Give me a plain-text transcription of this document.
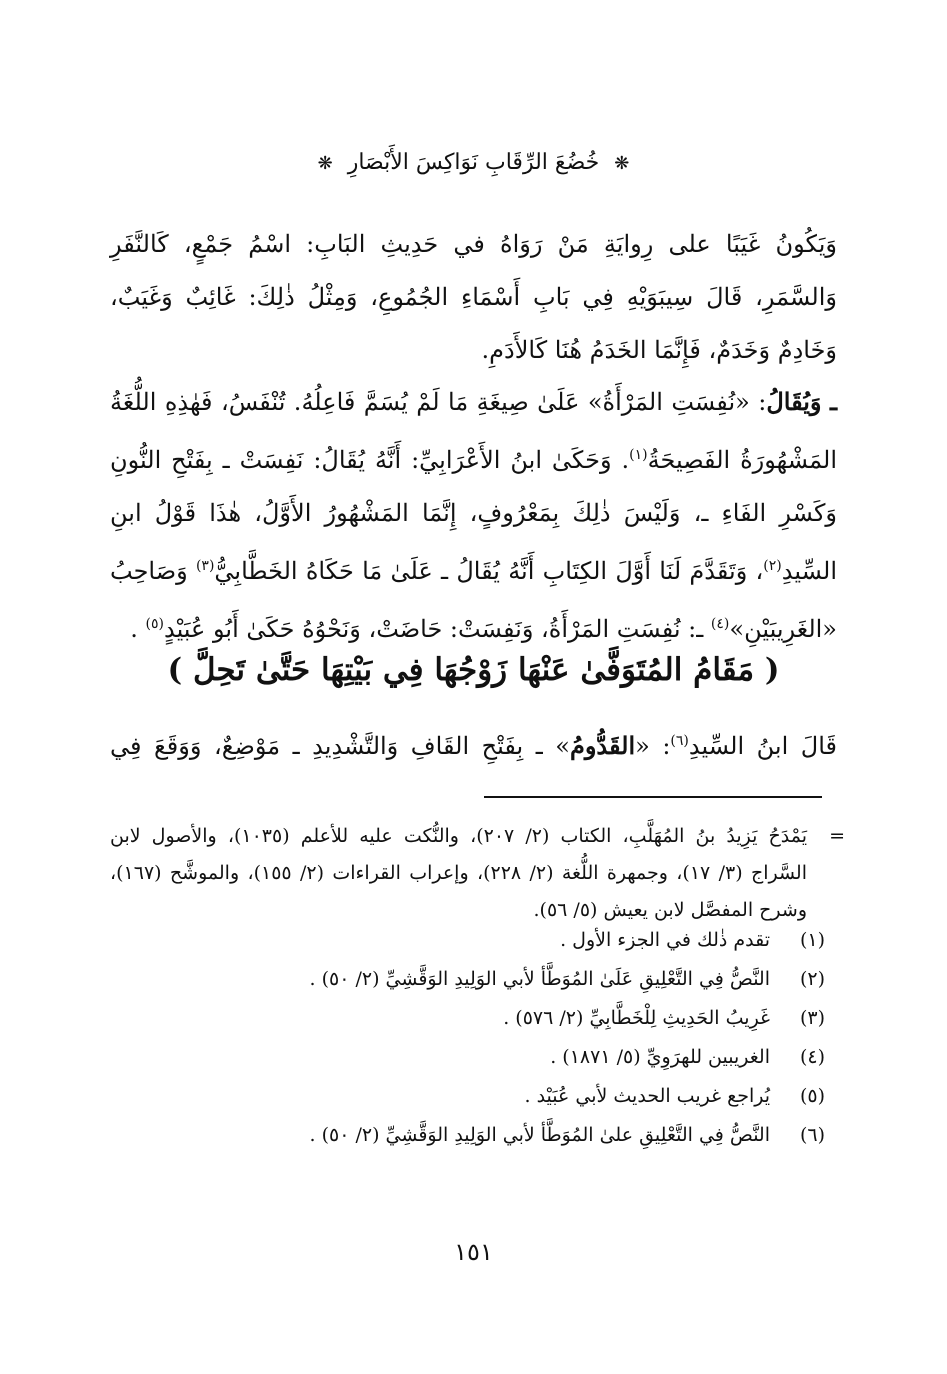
❋ خُضُعَ الرِّقَابِ نَوَاكِسَ الأَبْصَارِ ❋
وَيَكُونُ غَيَبًا على رِوايَةِ مَنْ رَوَاهُ في حَدِيثِ البَابِ: اسْمُ جَمْعٍ، كَالنَّفَرِ وَالسَّمَرِ، قَالَ سِيبَوَيْهِ فِي بَابِ أَسْمَاءِ الجُمُوعِ، وَمِثْلُ ذٰلِكَ: غَائِبٌ وَغَيَبٌ، وَخَادِمٌ وَخَدَمٌ، فَإِنَّمَا الخَدَمُ هُنَا كَالأَدَمِ.
ـ وَيُقَالُ: «نُفِسَتِ المَرْأَةُ» عَلَىٰ صِيغَةِ مَا لَمْ يُسَمَّ فَاعِلُهُ. تُنْفَسُ، فَهٰذِهِ اللُّغَةُ المَشْهُورَةُ الفَصِيحَةُ$^{(١)}$. وَحَكَىٰ ابنُ الأَعْرَابِيِّ: أَنَّهُ يُقَالُ: نَفِسَتْ ـ بِفَتْحِ النُّونِ وَكَسْرِ الفَاءِ ـ، وَلَيْسَ ذٰلِكَ بِمَعْرُوفٍ، إِنَّمَا المَشْهُورُ الأَوَّلُ، هٰذَا قَوْلُ ابنِ السِّيدِ$^{(٢)}$، وَتَقَدَّمَ لَنَا أَوَّلَ الكِتَابِ أَنَّهُ يُقَالُ ـ عَلَىٰ مَا حَكَاهُ الخَطَّابِيُّ$^{(٣)}$ وَصَاحِبُ «الغَرِيبَيْنِ»$^{(٤)}$ ـ: نُفِسَتِ المَرْأَةُ، وَنَفِسَتْ: حَاضَتْ، وَنَحْوُهُ حَكَىٰ أَبُو عُبَيْدٍ$^{(٥)}$ .
( مَقَامُ المُتَوَفَّىٰ عَنْهَا زَوْجُهَا فِي بَيْتِهَا حَتَّىٰ تَحِلَّ )
قَالَ ابنُ السِّيدِ$^{(٦)}$: «القَدُّومُ» ـ بِفَتْحِ القَافِ وَالتَّشْدِيدِ ـ مَوْضِعٌ، وَوَقَعَ فِي
=
يَمْدَحُ يَزِيدُ بنُ المُهَلَّبِ، الكتاب (٢/ ٢٠٧)، والنُّكت عليه للأعلم (١٠٣٥)، والأصول لابن السَّراج (٣/ ١٧)، وجمهرة اللُّغة (٢/ ٢٢٨)، وإعراب القراءات (٢/ ١٥٥)، والموشَّح (١٦٧)، وشرح المفصَّل لابن يعيش (٥/ ٥٦).
(١)
تقدم ذٰلك في الجزء الأول .
(٢)
النَّصُّ فِي التَّعْلِيقِ عَلَىٰ المُوَطَّأ لأبي الوَلِيدِ الوَقَّشِيِّ (٢/ ٥٠) .
(٣)
غَرِيبُ الحَدِيثِ لِلْخَطَّابِيِّ (٢/ ٥٧٦) .
(٤)
الغريبين للهرَوِيِّ (٥/ ١٨٧١) .
(٥)
يُراجع غريب الحديث لأبي عُبَيْد .
(٦)
النَّصُّ فِي التَّعْلِيقِ علىٰ المُوَطَّأ لأبي الوَلِيدِ الوَقَّشِيِّ (٢/ ٥٠) .
١٥١
